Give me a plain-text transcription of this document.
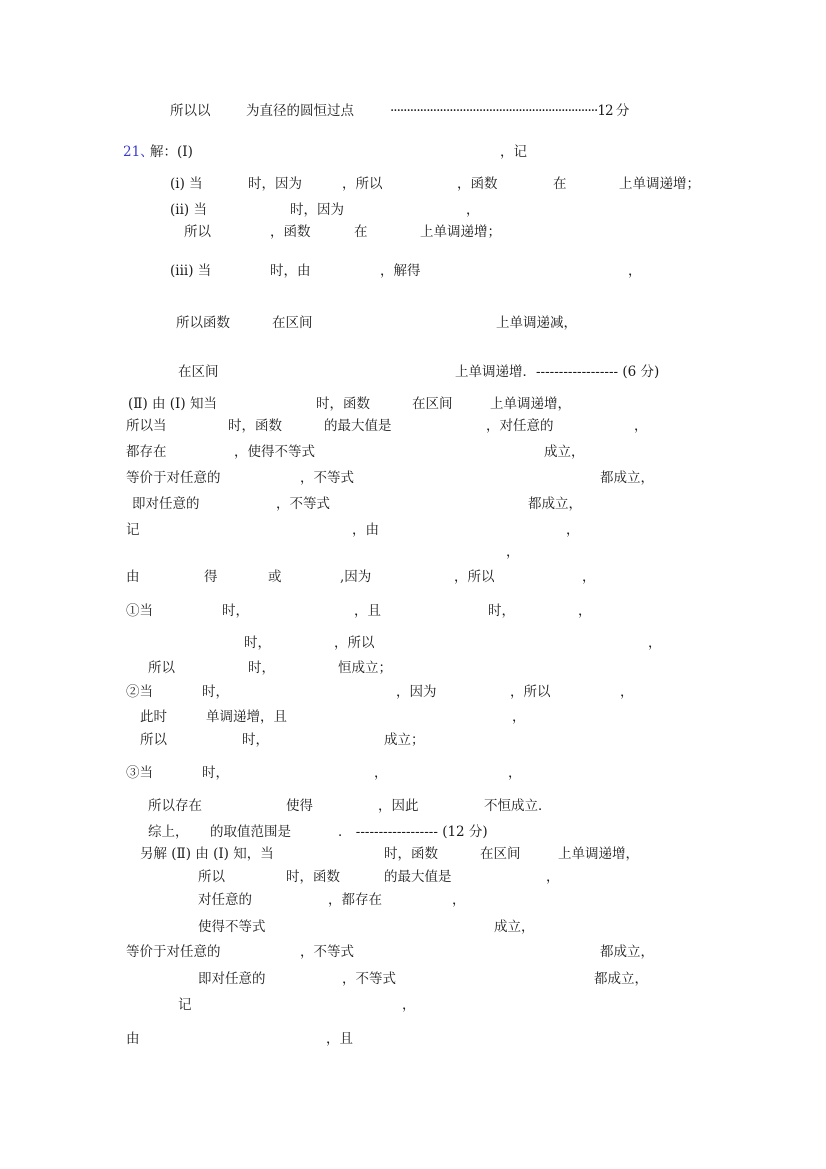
所以以	为直径的圆恒过点	·······························································12 分
21、
解：(Ⅰ)	，记
(i) 当	时，因为	，所以	，函数	在	上单调递增；
(ii) 当	时，因为	，
所以	，函数	在	上单调递增；
(iii) 当	时，由	，解得	，
所以函数	在区间	上单调递减，
在区间	上单调递增．------------------ (6 分)
(Ⅱ) 由 (Ⅰ) 知当	时，函数	在区间	上单调递增，
所以当	时，函数	的最大值是	，对任意的	，
都存在	，使得不等式	成立，
等价于对任意的	，不等式	都成立，
即对任意的	，不等式	都成立，
记	，由	，
，
由	得	或	,因为	，所以	，
①当	时，	，且	时，	，
时，	，所以	，
所以	时，	恒成立；
②当	时，	，因为	，所以	，
此时	单调递增，且	，
所以	时，	成立；
③当	时，	，	，
所以存在	使得	，因此	不恒成立．
综上， 的取值范围是	． ------------------ (12 分)
另解 (Ⅱ) 由 (Ⅰ) 知，当	时，函数	在区间	上单调递增，
所以	时，函数	的最大值是	，
对任意的	，都存在	，
使得不等式	成立，
等价于对任意的	，不等式	都成立，
即对任意的	，不等式	都成立，
记	，
由	，且
